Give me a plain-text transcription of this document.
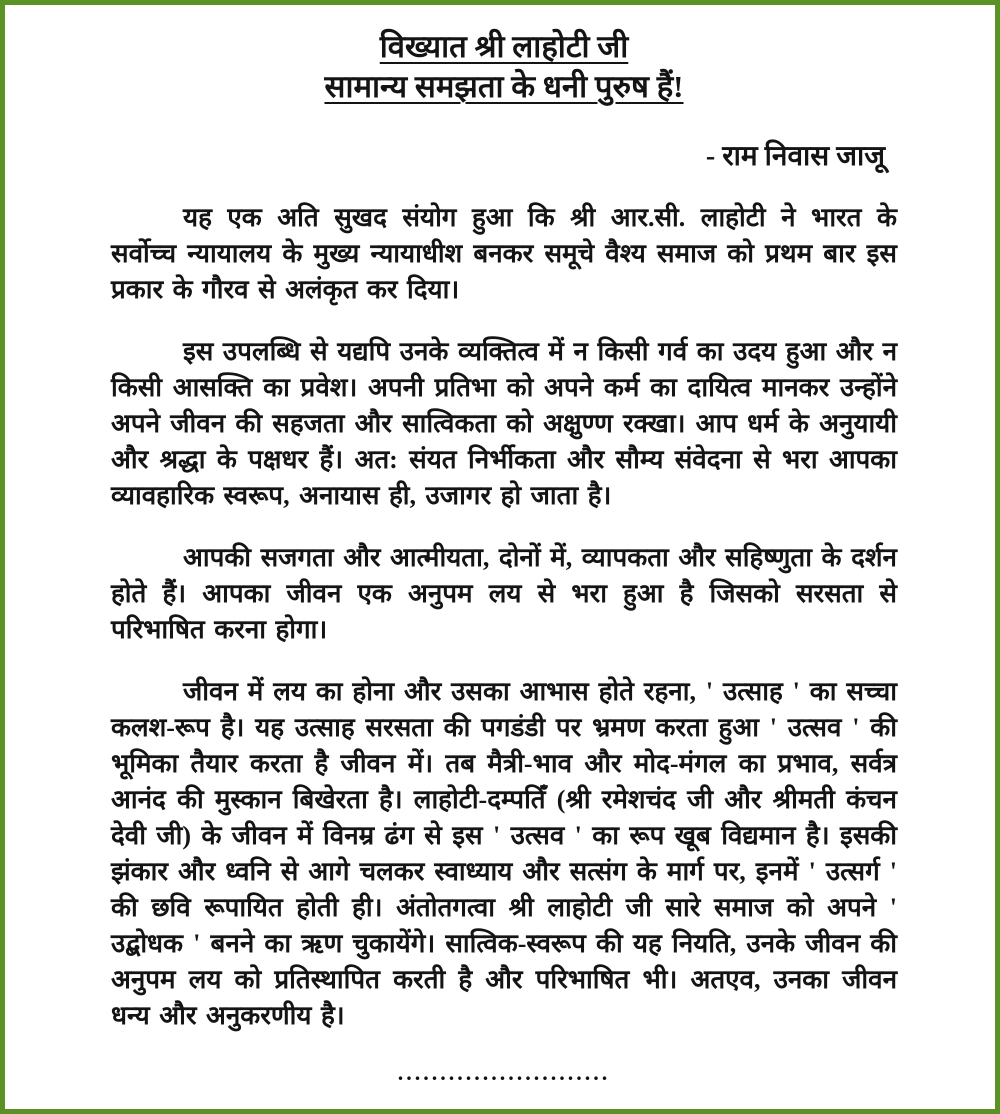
विख्यात श्री लाहोटी जी
सामान्य समझता के धनी पुरुष हैं!
- राम निवास जाजू

यह एक अति सुखद संयोग हुआ कि श्री आर.सी. लाहोटी ने भारत के सर्वोच्च न्यायालय के मुख्य न्यायाधीश बनकर समूचे वैश्य समाज को प्रथम बार इस प्रकार के गौरव से अलंकृत कर दिया।

इस उपलब्धि से यद्यपि उनके व्यक्तित्व में न किसी गर्व का उदय हुआ और न किसी आसक्ति का प्रवेश। अपनी प्रतिभा को अपने कर्म का दायित्व मानकर उन्होंने अपने जीवन की सहजता और सात्विकता को अक्षुण्ण रक्खा। आप धर्म के अनुयायी और श्रद्धा के पक्षधर हैं। अत: संयत निर्भीकता और सौम्य संवेदना से भरा आपका व्यावहारिक स्वरूप, अनायास ही, उजागर हो जाता है।

आपकी सजगता और आत्मीयता, दोनों में, व्यापकता और सहिष्णुता के दर्शन होते हैं। आपका जीवन एक अनुपम लय से भरा हुआ है जिसको सरसता से परिभाषित करना होगा।

जीवन में लय का होना और उसका आभास होते रहना, ' उत्साह ' का सच्चा कलश-रूप है। यह उत्साह सरसता की पगडंडी पर भ्रमण करता हुआ ' उत्सव ' की भूमिका तैयार करता है जीवन में। तब मैत्री-भाव और मोद-मंगल का प्रभाव, सर्वत्र आनंद की मुस्कान बिखेरता है। लाहोटी-दम्पतिँ (श्री रमेशचंद जी और श्रीमती कंचन देवी जी) के जीवन में विनम्र ढंग से इस ' उत्सव ' का रूप खूब विद्यमान है। इसकी झंकार और ध्वनि से आगे चलकर स्वाध्याय और सत्संग के मार्ग पर, इनमें ' उत्सर्ग ' की छवि रूपायित होती ही। अंतोतगत्वा श्री लाहोटी जी सारे समाज को अपने ' उद्बोधक ' बनने का ऋण चुकायेंगे। सात्विक-स्वरूप की यह नियति, उनके जीवन की अनुपम लय को प्रतिस्थापित करती है और परिभाषित भी। अतएव, उनका जीवन धन्य और अनुकरणीय है।

.........................
